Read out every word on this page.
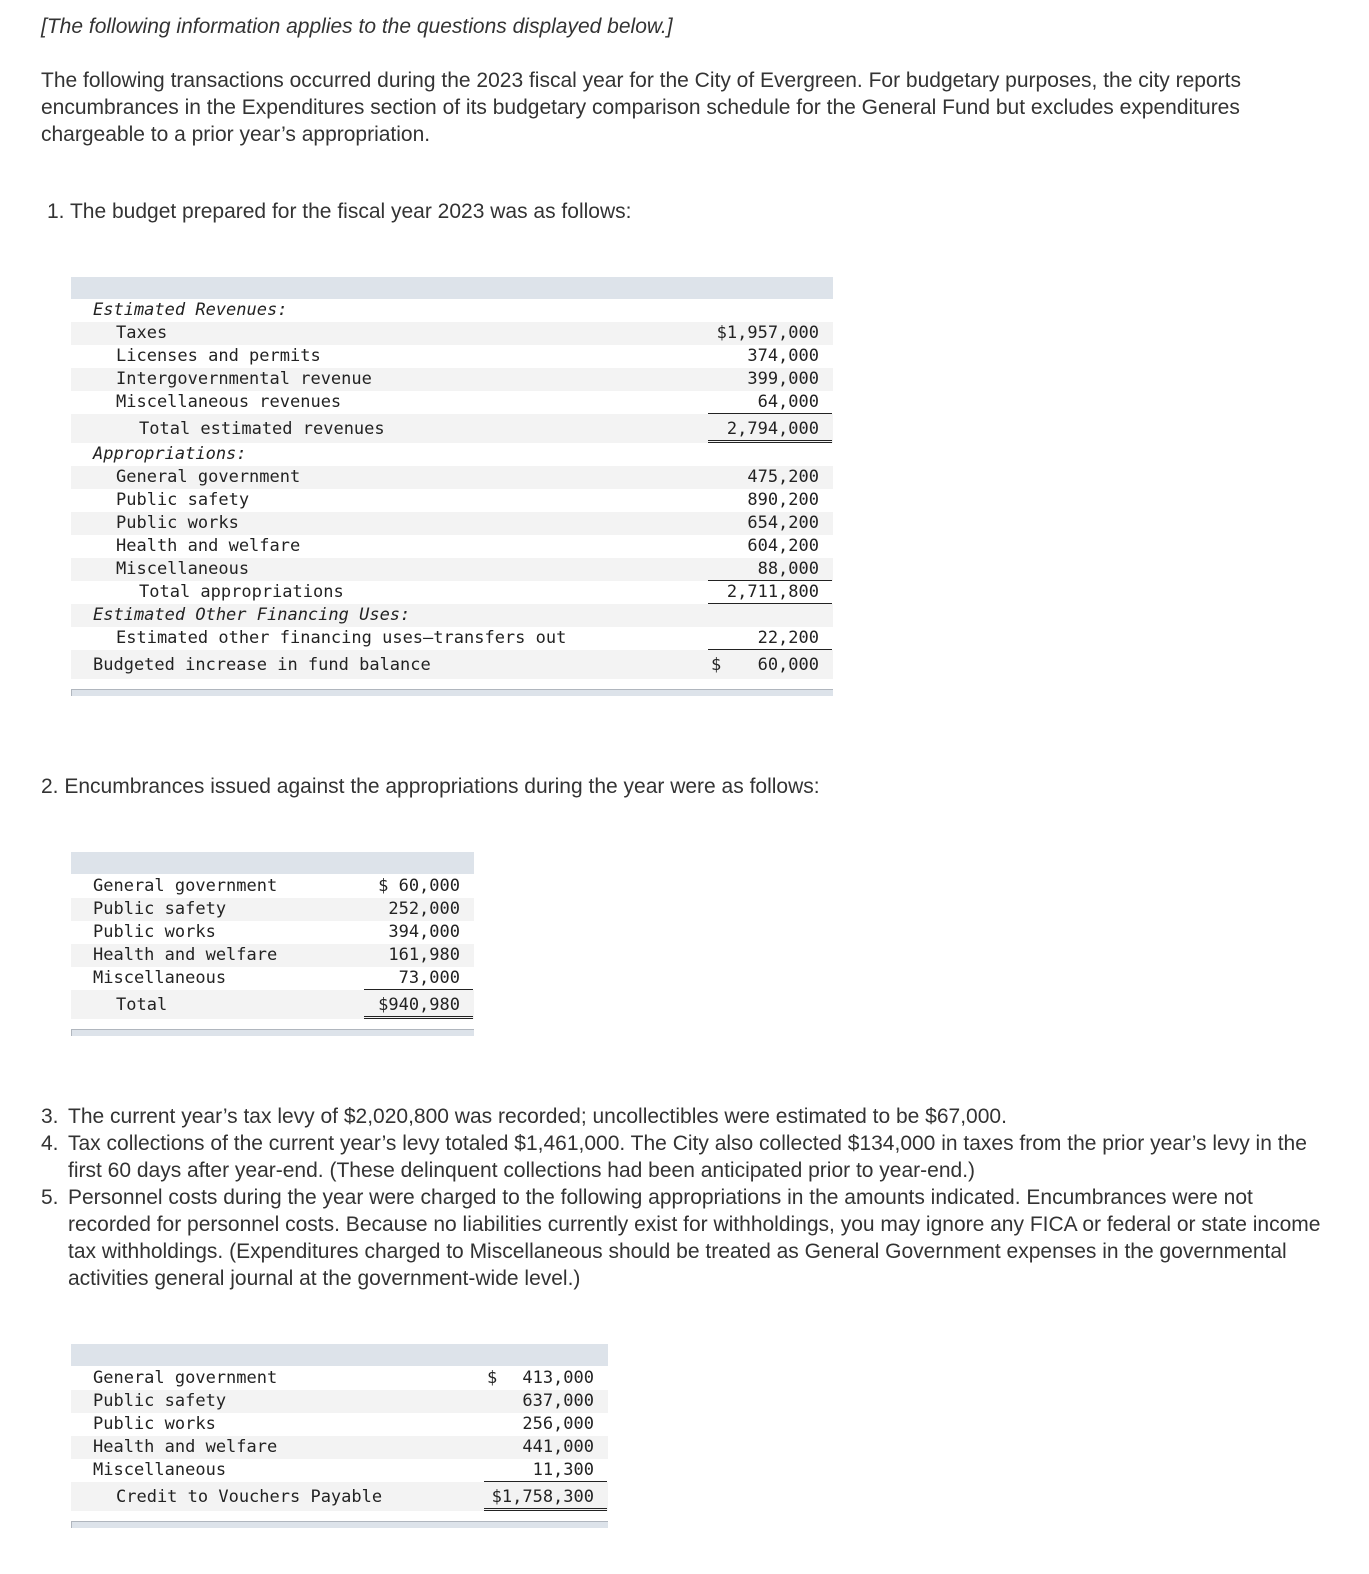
[The following information applies to the questions displayed below.]
The following transactions occurred during the 2023 fiscal year for the City of Evergreen. For budgetary purposes, the city reports encumbrances in the Expenditures section of its budgetary comparison schedule for the General Fund but excludes expenditures chargeable to a prior year’s appropriation.
1. The budget prepared for the fiscal year 2023 was as follows:
Estimated Revenues:
Taxes	$1,957,000
Licenses and permits	374,000
Intergovernmental revenue	399,000
Miscellaneous revenues	64,000
Total estimated revenues	2,794,000
Appropriations:
General government	475,200
Public safety	890,200
Public works	654,200
Health and welfare	604,200
Miscellaneous	88,000
Total appropriations	2,711,800
Estimated Other Financing Uses:
Estimated other financing uses—transfers out	22,200
Budgeted increase in fund balance	$ 60,000
2. Encumbrances issued against the appropriations during the year were as follows:
General government	$ 60,000
Public safety	252,000
Public works	394,000
Health and welfare	161,980
Miscellaneous	73,000
Total	$940,980
3. The current year’s tax levy of $2,020,800 was recorded; uncollectibles were estimated to be $67,000.
4. Tax collections of the current year’s levy totaled $1,461,000. The City also collected $134,000 in taxes from the prior year’s levy in the first 60 days after year-end. (These delinquent collections had been anticipated prior to year-end.)
5. Personnel costs during the year were charged to the following appropriations in the amounts indicated. Encumbrances were not recorded for personnel costs. Because no liabilities currently exist for withholdings, you may ignore any FICA or federal or state income tax withholdings. (Expenditures charged to Miscellaneous should be treated as General Government expenses in the governmental activities general journal at the government-wide level.)
General government	$ 413,000
Public safety	637,000
Public works	256,000
Health and welfare	441,000
Miscellaneous	11,300
Credit to Vouchers Payable	$1,758,300
